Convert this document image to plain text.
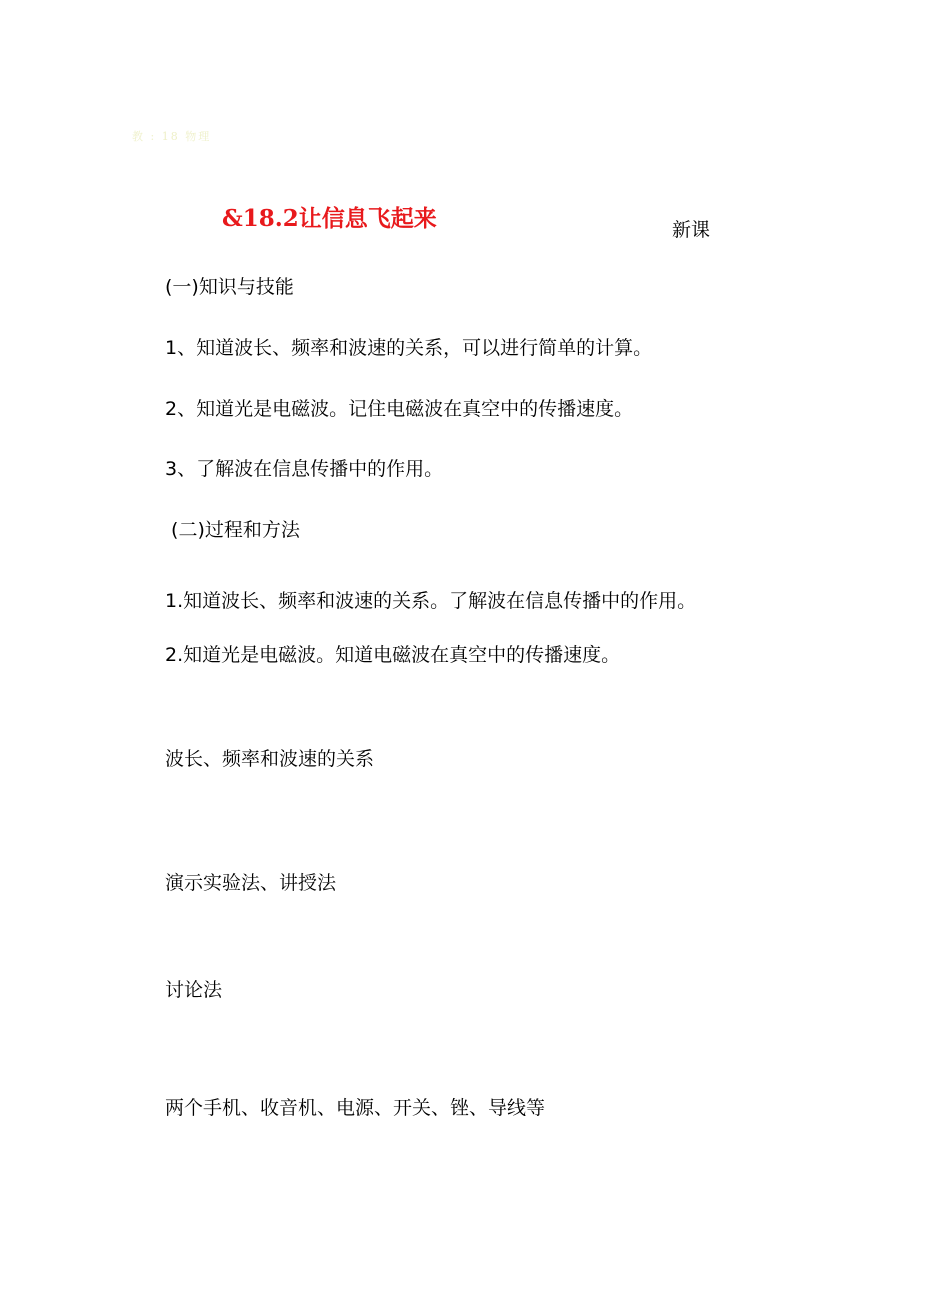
教 : 18 物理
&18.2让信息飞起来	新课
(一)知识与技能
1、知道波长、频率和波速的关系，可以进行简单的计算。
2、知道光是电磁波。记住电磁波在真空中的传播速度。
3、了解波在信息传播中的作用。
(二)过程和方法
1.知道波长、频率和波速的关系。了解波在信息传播中的作用。
2.知道光是电磁波。知道电磁波在真空中的传播速度。
波长、频率和波速的关系
演示实验法、讲授法
讨论法
两个手机、收音机、电源、开关、锉、导线等
